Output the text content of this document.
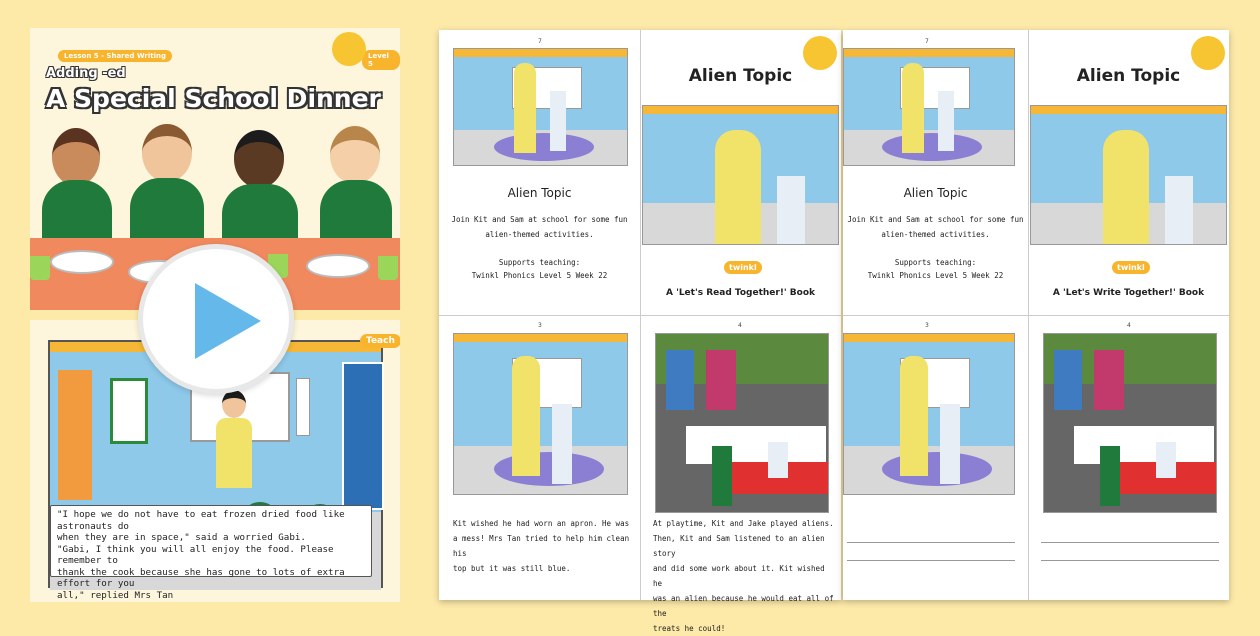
Lesson 5 - Shared Writing	Level 5
Adding -ed
A Special School Dinner
Teach
"I hope we do not have to eat frozen dried food like astronauts do
when they are in space," said a worried Gabi.
"Gabi, I think you will all enjoy the food. Please remember to
thank the cook because she has gone to lots of extra effort for you
all," replied Mrs Tan
7
Alien Topic
Join Kit and Sam at school for some fun
alien-themed activities.
Supports teaching:
Twinkl Phonics Level 5 Week 22
Alien Topic
twinkl
A 'Let's Read Together!' Book
3
Kit wished he had worn an apron. He was
a mess! Mrs Tan tried to help him clean his
top but it was still blue.
4
At playtime, Kit and Jake played aliens.
Then, Kit and Sam listened to an alien story
and did some work about it. Kit wished he
was an alien because he would eat all of the
treats he could!
7
Alien Topic
Join Kit and Sam at school for some fun
alien-themed activities.
Supports teaching:
Twinkl Phonics Level 5 Week 22
Alien Topic
twinkl
A 'Let's Write Together!' Book
3	4
